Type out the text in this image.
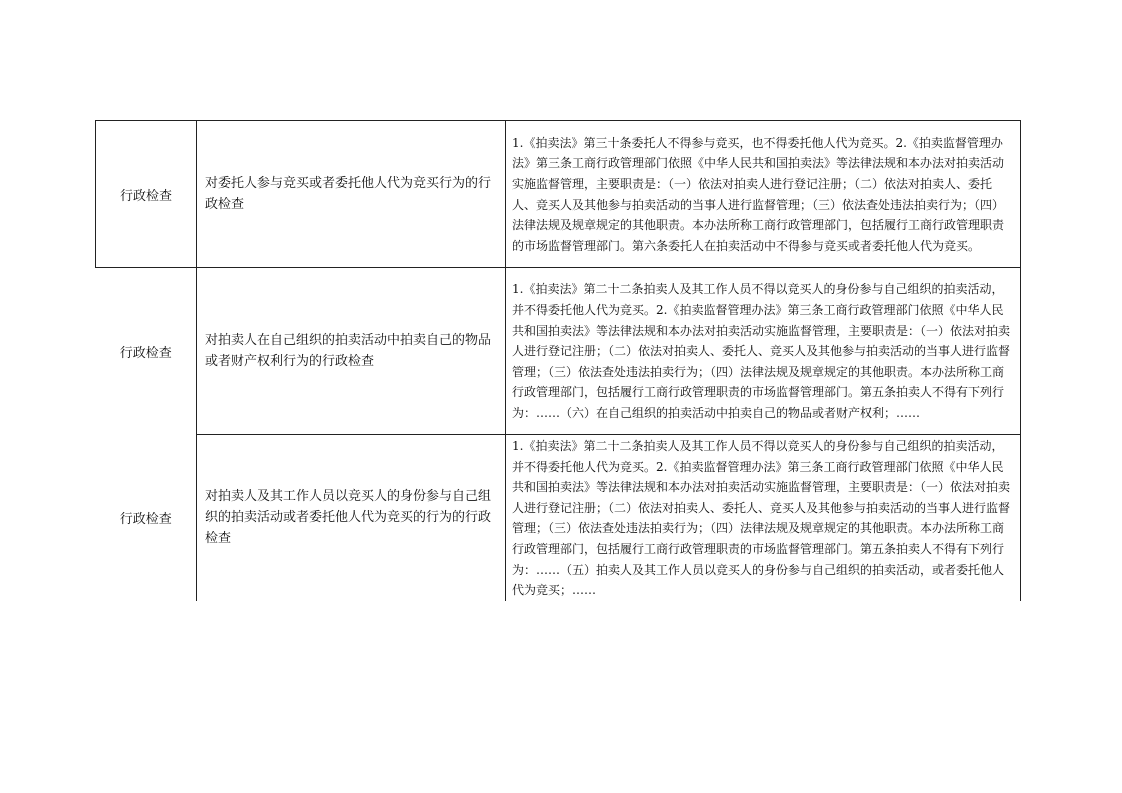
行政检查	对委托人参与竞买或者委托他人代为竞买行为的行政检查	1.《拍卖法》第三十条委托人不得参与竞买，也不得委托他人代为竞买。2.《拍卖监督管理办法》第三条工商行政管理部门依照《中华人民共和国拍卖法》等法律法规和本办法对拍卖活动实施监督管理，主要职责是：（一）依法对拍卖人进行登记注册；（二）依法对拍卖人、委托人、竞买人及其他参与拍卖活动的当事人进行监督管理；（三）依法查处违法拍卖行为；（四）法律法规及规章规定的其他职责。本办法所称工商行政管理部门，包括履行工商行政管理职责的市场监督管理部门。第六条委托人在拍卖活动中不得参与竞买或者委托他人代为竞买。
行政检查	对拍卖人在自己组织的拍卖活动中拍卖自己的物品或者财产权利行为的行政检查	1.《拍卖法》第二十二条拍卖人及其工作人员不得以竞买人的身份参与自己组织的拍卖活动，并不得委托他人代为竞买。2.《拍卖监督管理办法》第三条工商行政管理部门依照《中华人民共和国拍卖法》等法律法规和本办法对拍卖活动实施监督管理，主要职责是：（一）依法对拍卖人进行登记注册；（二）依法对拍卖人、委托人、竞买人及其他参与拍卖活动的当事人进行监督管理；（三）依法查处违法拍卖行为；（四）法律法规及规章规定的其他职责。本办法所称工商行政管理部门，包括履行工商行政管理职责的市场监督管理部门。第五条拍卖人不得有下列行为：……（六）在自己组织的拍卖活动中拍卖自己的物品或者财产权利；……
行政检查	对拍卖人及其工作人员以竞买人的身份参与自己组织的拍卖活动或者委托他人代为竞买的行为的行政检查	1.《拍卖法》第二十二条拍卖人及其工作人员不得以竞买人的身份参与自己组织的拍卖活动，并不得委托他人代为竞买。2.《拍卖监督管理办法》第三条工商行政管理部门依照《中华人民共和国拍卖法》等法律法规和本办法对拍卖活动实施监督管理，主要职责是：（一）依法对拍卖人进行登记注册；（二）依法对拍卖人、委托人、竞买人及其他参与拍卖活动的当事人进行监督管理；（三）依法查处违法拍卖行为；（四）法律法规及规章规定的其他职责。本办法所称工商行政管理部门，包括履行工商行政管理职责的市场监督管理部门。第五条拍卖人不得有下列行为：……（五）拍卖人及其工作人员以竞买人的身份参与自己组织的拍卖活动，或者委托他人代为竞买；……
